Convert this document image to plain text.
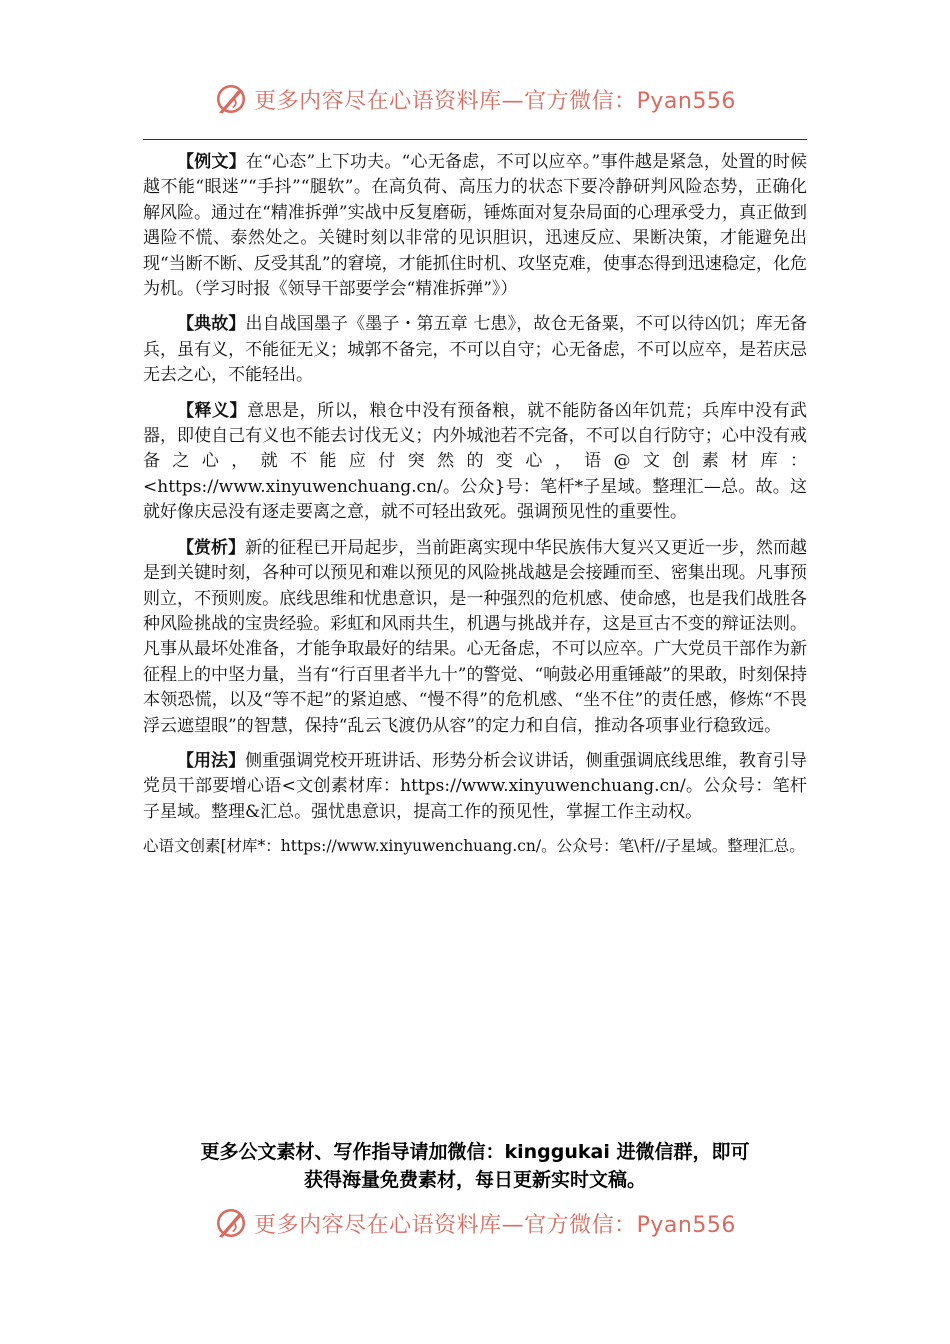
更多内容尽在心语资料库—官方微信：Pyan556

【例文】在“心态”上下功夫。“心无备虑，不可以应卒。”事件越是紧急，处置的时候越不能“眼迷”“手抖”“腿软”。在高负荷、高压力的状态下要冷静研判风险态势，正确化解风险。通过在“精准拆弹”实战中反复磨砺，锤炼面对复杂局面的心理承受力，真正做到遇险不慌、泰然处之。关键时刻以非常的见识胆识，迅速反应、果断决策，才能避免出现“当断不断、反受其乱”的窘境，才能抓住时机、攻坚克难，使事态得到迅速稳定，化危为机。（学习时报《领导干部要学会“精准拆弹”》）

【典故】出自战国墨子《墨子・第五章 七患》，故仓无备粟，不可以待凶饥；库无备兵，虽有义，不能征无义；城郭不备完，不可以自守；心无备虑，不可以应卒，是若庆忌无去之心，不能轻出。

【释义】意思是，所以，粮仓中没有预备粮，就不能防备凶年饥荒；兵库中没有武器，即使自己有义也不能去讨伐无义；内外城池若不完备，不可以自行防守；心中没有戒备之心，就不能应付突然的变心，语@文创素材库：<https://www.xinyuwenchuang.cn/。公众}号：笔杆*子星域。整理汇—总。故。这就好像庆忌没有逐走要离之意，就不可轻出致死。强调预见性的重要性。

【赏析】新的征程已开局起步，当前距离实现中华民族伟大复兴又更近一步，然而越是到关键时刻，各种可以预见和难以预见的风险挑战越是会接踵而至、密集出现。凡事预则立，不预则废。底线思维和忧患意识，是一种强烈的危机感、使命感，也是我们战胜各种风险挑战的宝贵经验。彩虹和风雨共生，机遇与挑战并存，这是亘古不变的辩证法则。凡事从最坏处准备，才能争取最好的结果。心无备虑，不可以应卒。广大党员干部作为新征程上的中坚力量，当有“行百里者半九十”的警觉、“响鼓必用重锤敲”的果敢，时刻保持本领恐慌，以及“等不起”的紧迫感、“慢不得”的危机感、“坐不住”的责任感，修炼“不畏浮云遮望眼”的智慧，保持“乱云飞渡仍从容”的定力和自信，推动各项事业行稳致远。

【用法】侧重强调党校开班讲话、形势分析会议讲话，侧重强调底线思维，教育引导党员干部要增心语<文创素材库：https://www.xinyuwenchuang.cn/。公众号：笔杆子星域。整理&汇总。强忧患意识，提高工作的预见性，掌握工作主动权。

心语文创素[材库*：https://www.xinyuwenchuang.cn/。公众号：笔\杆//子星域。整理汇总。

更多公文素材、写作指导请加微信：kinggukai 进微信群，即可
获得海量免费素材，每日更新实时文稿。
更多内容尽在心语资料库—官方微信：Pyan556
